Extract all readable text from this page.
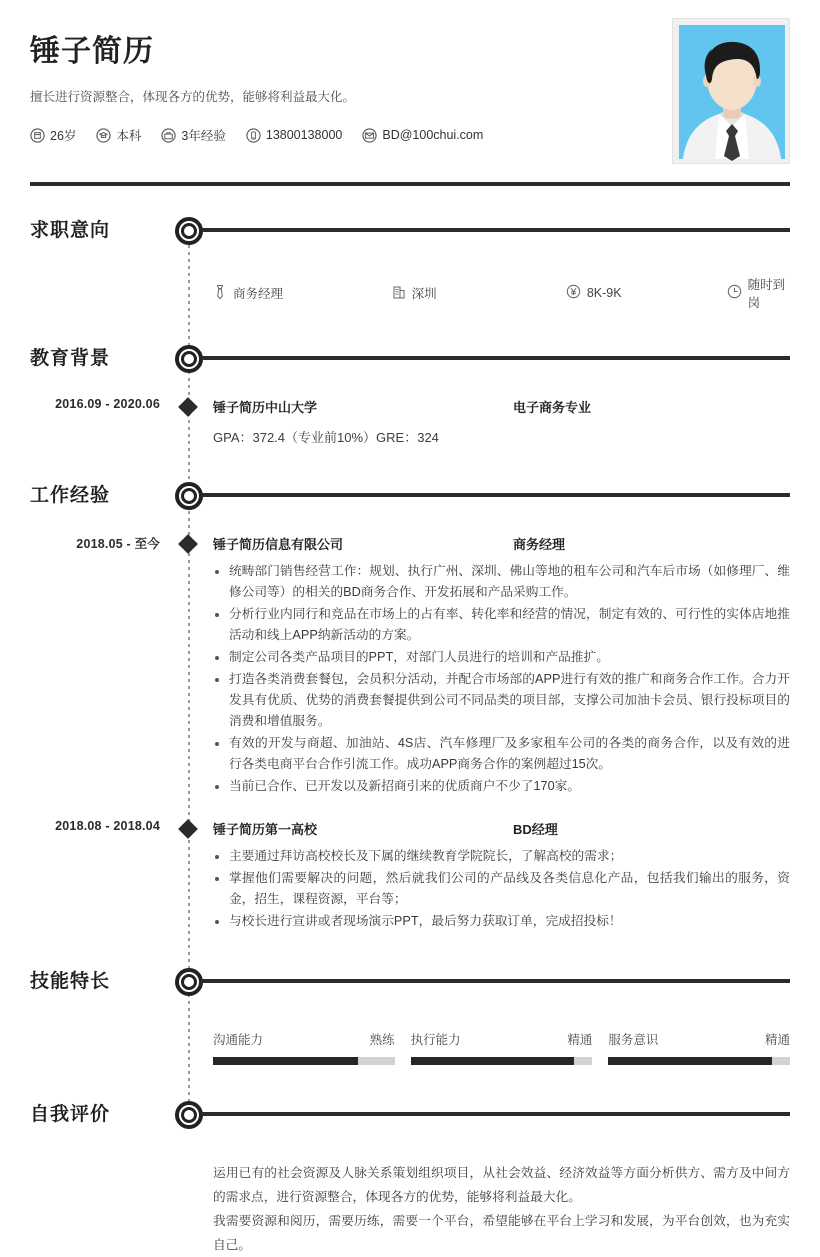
锤子简历
擅长进行资源整合，体现各方的优势，能够将利益最大化。
26岁	本科	3年经验	13800138000	BD@100chui.com
求职意向
商务经理	深圳	8K-9K
随时到岗
教育背景
2016.09 - 2020.06	锤子简历中山大学	电子商务专业
GPA：372.4（专业前10%）GRE：324
工作经验
2018.05 - 至今	锤子简历信息有限公司	商务经理
统畴部门销售经营工作：规划、执行广州、深圳、佛山等地的租车公司和汽车后市场（如修理厂、维修公司等）的相关的BD商务合作、开发拓展和产品采购工作。
分析行业内同行和竞品在市场上的占有率、转化率和经营的情况，制定有效的、可行性的实体店地推活动和线上APP纳新活动的方案。
制定公司各类产品项目的PPT，对部门人员进行的培训和产品推扩。
打造各类消费套餐包，会员积分活动，并配合市场部的APP进行有效的推广和商务合作工作。合力开发具有优质、优势的消费套餐提供到公司不同品类的项目部，支撑公司加油卡会员、银行投标项目的消费和增值服务。
有效的开发与商超、加油站、4S店、汽车修理厂及多家租车公司的各类的商务合作，以及有效的进行各类电商平台合作引流工作。成功APP商务合作的案例超过15次。
当前已合作、已开发以及新招商引来的优质商户不少了170家。
2018.08 - 2018.04	锤子简历第一高校	BD经理
主要通过拜访高校校长及下属的继续教育学院院长，了解高校的需求；
掌握他们需要解决的问题，然后就我们公司的产品线及各类信息化产品，包括我们输出的服务，资金，招生，课程资源，平台等；
与校长进行宣讲或者现场演示PPT，最后努力获取订单，完成招投标！
技能特长
沟通能力	熟练 执行能力	精通 服务意识	精通
自我评价

运用已有的社会资源及人脉关系策划组织项目，从社会效益、经济效益等方面分析供方、需方及中间方的需求点，进行资源整合，体现各方的优势，能够将利益最大化。

我需要资源和阅历，需要历练，需要一个平台，希望能够在平台上学习和发展，为平台创效，也为充实自己。
